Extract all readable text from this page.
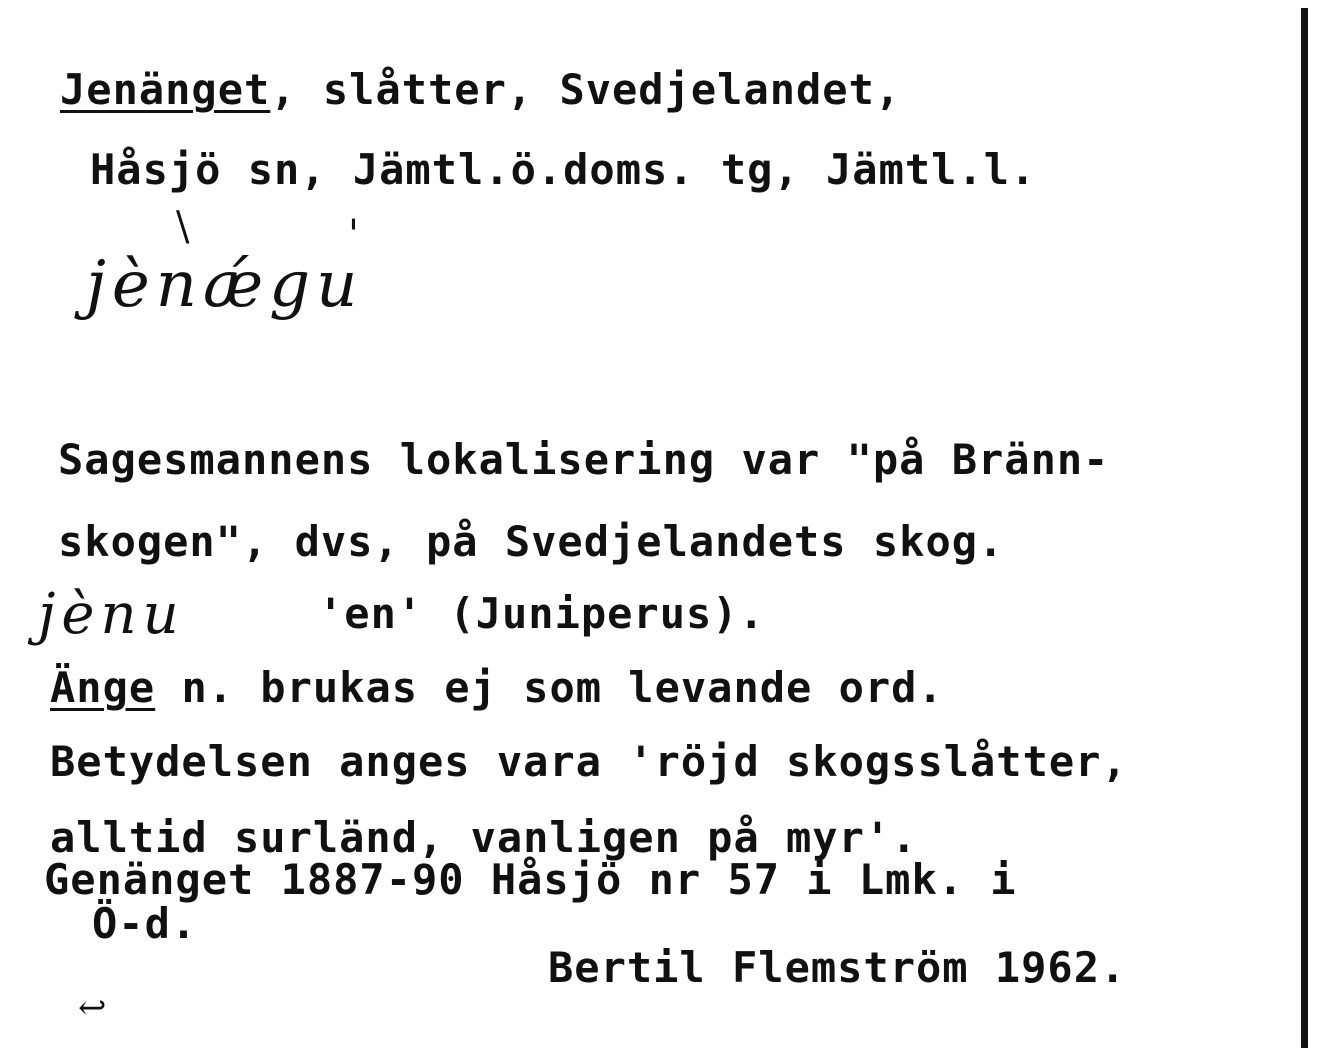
Jenänget, slåtter, Svedjelandet,
Håsjö sn, Jämtl.ö.doms. tg, Jämtl.l.
\	'
jènǽgu
Sagesmannens lokalisering var "på Bränn-
skogen", dvs, på Svedjelandets skog.
jènu	'en' (Juniperus).
Änge n. brukas ej som levande ord.
Betydelsen anges vara 'röjd skogsslåtter,
alltid surländ, vanligen på myr'.
Genänget 1887-90 Håsjö nr 57 i Lmk. i
Ö-d.
Bertil Flemström 1962.
↩
